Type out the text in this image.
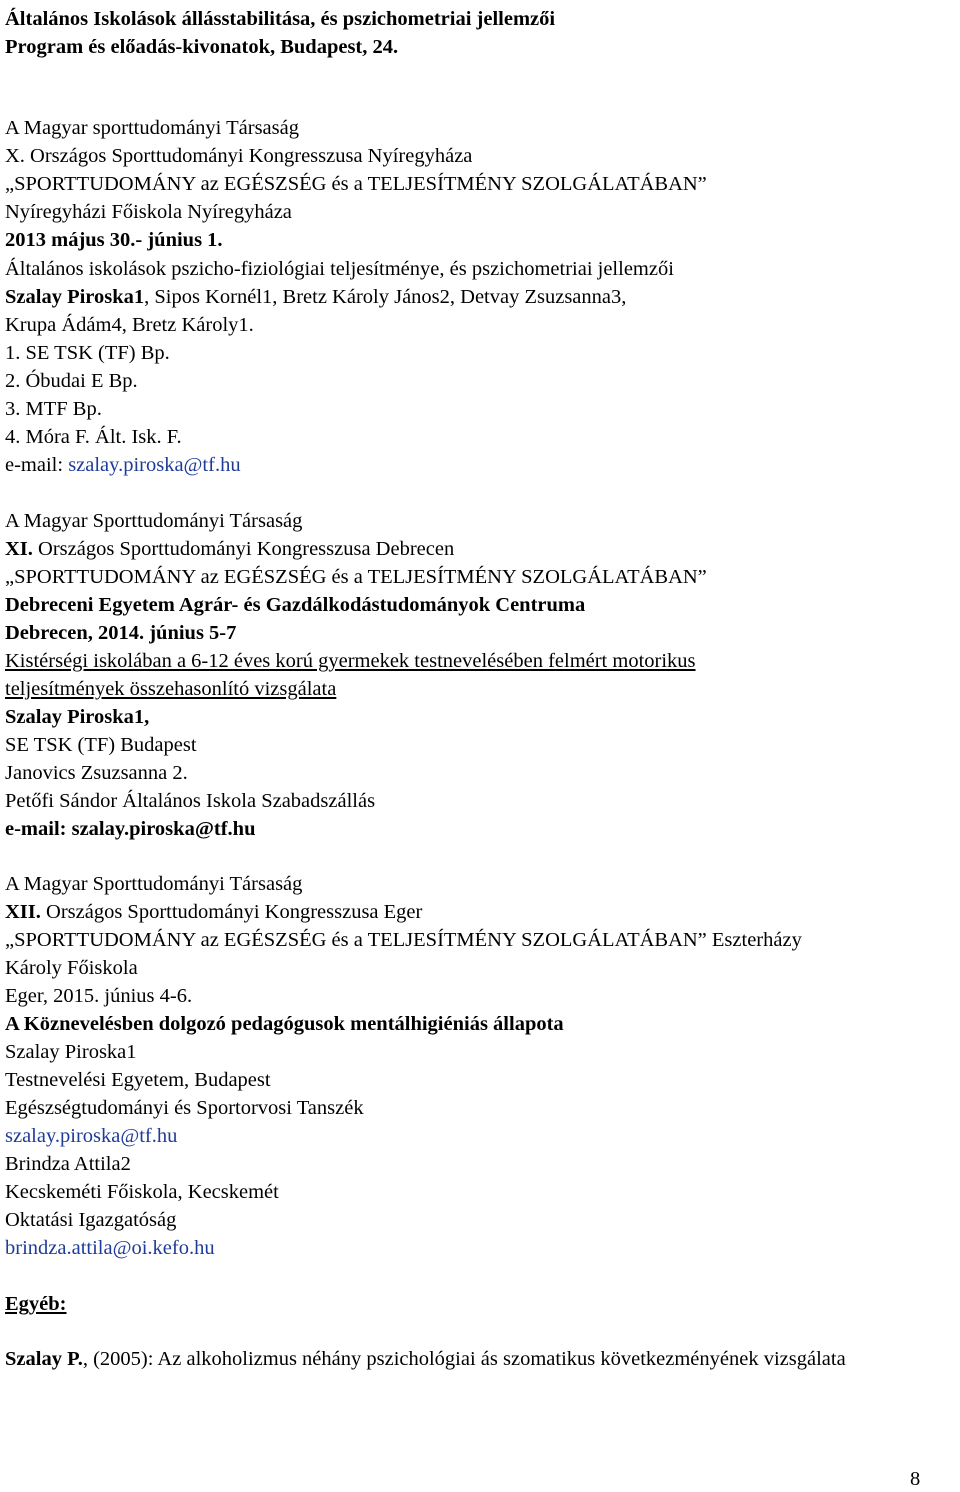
Általános Iskolások állásstabilitása, és pszichometriai jellemzői
Program és előadás-kivonatok, Budapest, 24.
A Magyar sporttudományi Társaság
X. Országos Sporttudományi Kongresszusa Nyíregyháza
„SPORTTUDOMÁNY az EGÉSZSÉG és a TELJESÍTMÉNY SZOLGÁLATÁBAN”
Nyíregyházi Főiskola Nyíregyháza
2013 május 30.- június 1.
Általános iskolások pszicho-fiziológiai teljesítménye, és pszichometriai jellemzői
Szalay Piroska1, Sipos Kornél1, Bretz Károly János2, Detvay Zsuzsanna3,
Krupa Ádám4, Bretz Károly1.
1. SE TSK (TF) Bp.
2. Óbudai E Bp.
3. MTF Bp.
4. Móra F. Ált. Isk. F.
e-mail: szalay.piroska@tf.hu
A Magyar Sporttudományi Társaság
XI. Országos Sporttudományi Kongresszusa Debrecen
„SPORTTUDOMÁNY az EGÉSZSÉG és a TELJESÍTMÉNY SZOLGÁLATÁBAN”
Debreceni Egyetem Agrár- és Gazdálkodástudományok Centruma
Debrecen, 2014. június 5-7
Kistérségi iskolában a 6-12 éves korú gyermekek testnevelésében felmért motorikus
teljesítmények összehasonlító vizsgálata
Szalay Piroska1,
SE TSK (TF) Budapest
Janovics Zsuzsanna 2.
Petőfi Sándor Általános Iskola Szabadszállás
e-mail: szalay.piroska@tf.hu
A Magyar Sporttudományi Társaság
XII. Országos Sporttudományi Kongresszusa Eger
„SPORTTUDOMÁNY az EGÉSZSÉG és a TELJESÍTMÉNY SZOLGÁLATÁBAN” Eszterházy
Károly Főiskola
Eger, 2015. június 4-6.
A Köznevelésben dolgozó pedagógusok mentálhigiéniás állapota
Szalay Piroska1
Testnevelési Egyetem, Budapest
Egészségtudományi és Sportorvosi Tanszék
szalay.piroska@tf.hu
Brindza Attila2
Kecskeméti Főiskola, Kecskemét
Oktatási Igazgatóság
brindza.attila@oi.kefo.hu
Egyéb:
Szalay P., (2005): Az alkoholizmus néhány pszichológiai ás szomatikus következményének vizsgálata
8
